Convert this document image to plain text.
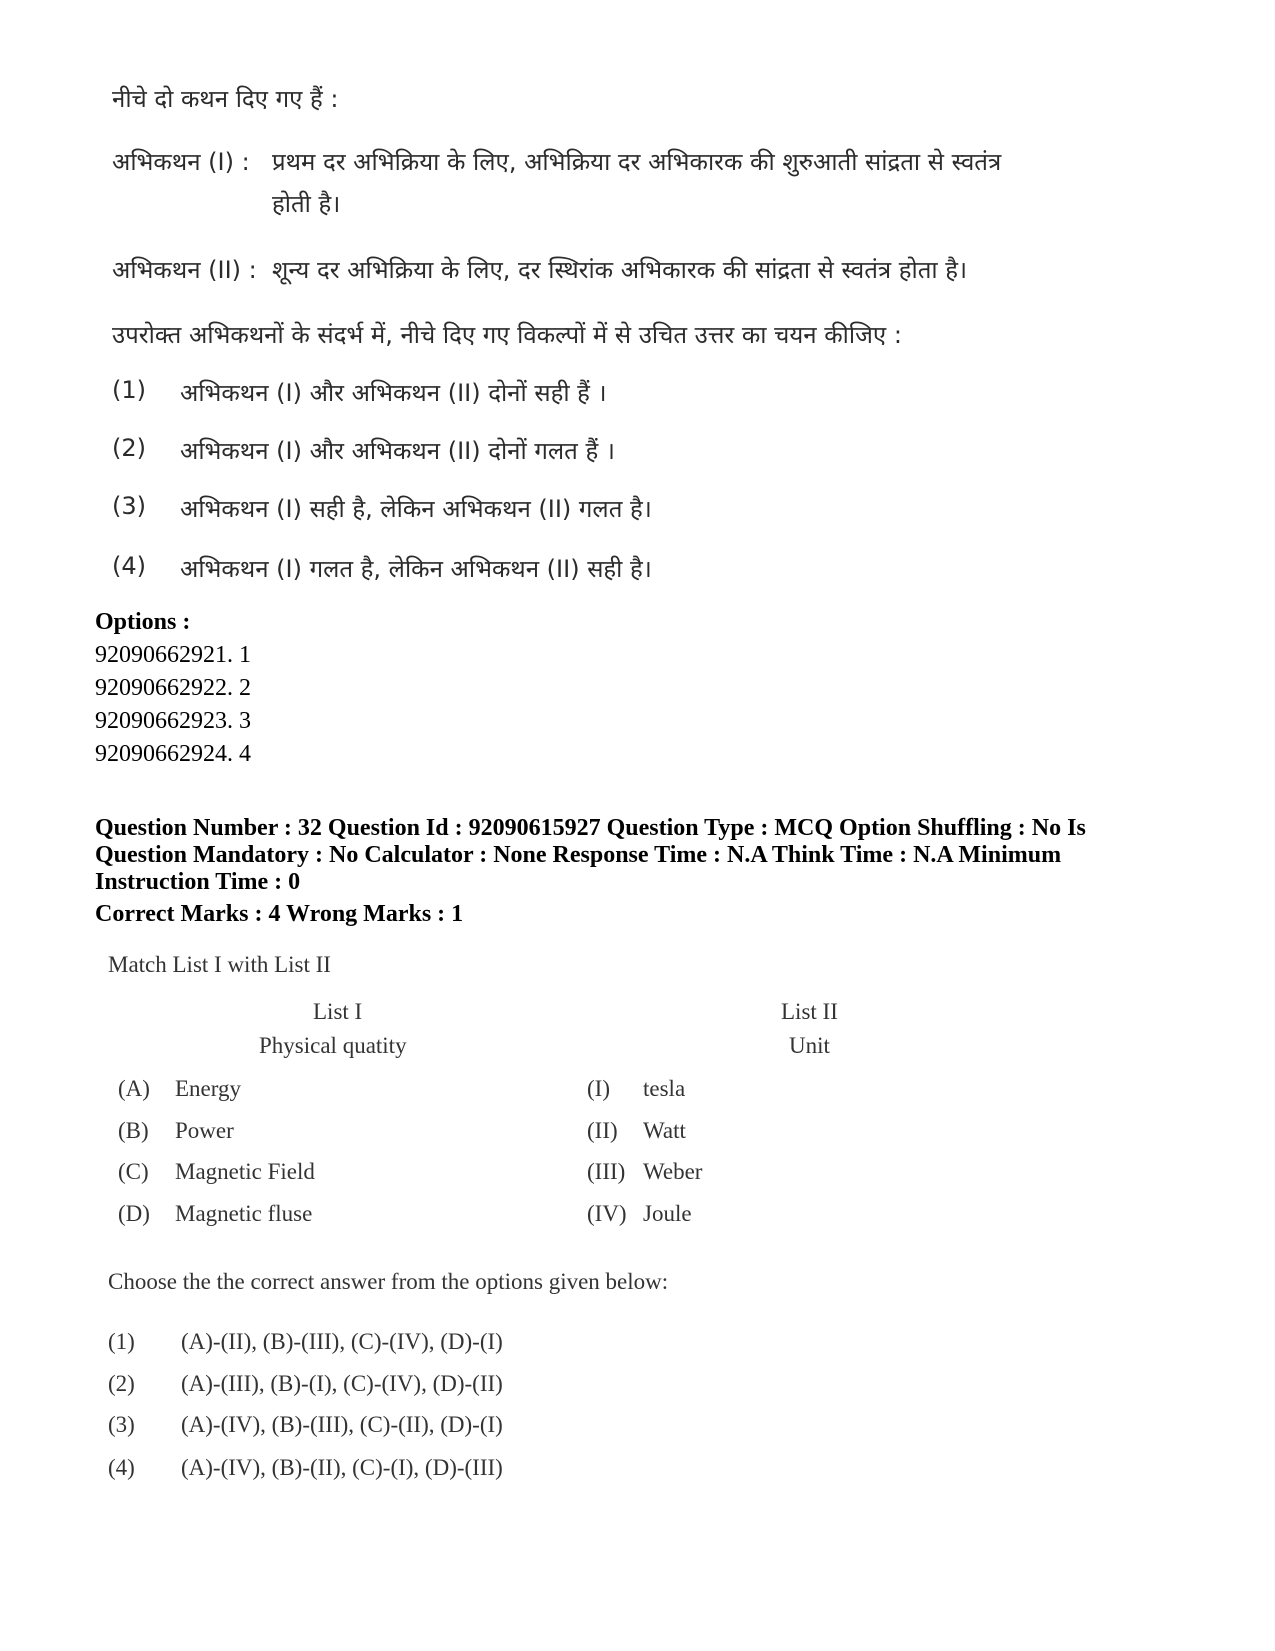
नीचे दो कथन दिए गए हैं :
अभिकथन (I) : प्रथम दर अभिक्रिया के लिए, अभिक्रिया दर अभिकारक की शुरुआती सांद्रता से स्वतंत्र
होती है।
अभिकथन (II) : शून्य दर अभिक्रिया के लिए, दर स्थिरांक अभिकारक की सांद्रता से स्वतंत्र होता है।
उपरोक्त अभिकथनों के संदर्भ में, नीचे दिए गए विकल्पों में से उचित उत्तर का चयन कीजिए :
(1) अभिकथन (I) और अभिकथन (II) दोनों सही हैं ।
(2) अभिकथन (I) और अभिकथन (II) दोनों गलत हैं ।
(3) अभिकथन (I) सही है, लेकिन अभिकथन (II) गलत है।
(4) अभिकथन (I) गलत है, लेकिन अभिकथन (II) सही है।
Options :
92090662921. 1
92090662922. 2
92090662923. 3
92090662924. 4
Question Number : 32 Question Id : 92090615927 Question Type : MCQ Option Shuffling : No Is
Question Mandatory : No Calculator : None Response Time : N.A Think Time : N.A Minimum
Instruction Time : 0
Correct Marks : 4 Wrong Marks : 1
Match List I with List II
List I
Physical quatity
List II
Unit
(A) Energy	(I) tesla
(B) Power	(II) Watt
(C) Magnetic Field	(III) Weber
(D) Magnetic fluse	(IV) Joule
Choose the the correct answer from the options given below:
(1) (A)-(II), (B)-(III), (C)-(IV), (D)-(I)
(2) (A)-(III), (B)-(I), (C)-(IV), (D)-(II)
(3) (A)-(IV), (B)-(III), (C)-(II), (D)-(I)
(4) (A)-(IV), (B)-(II), (C)-(I), (D)-(III)
